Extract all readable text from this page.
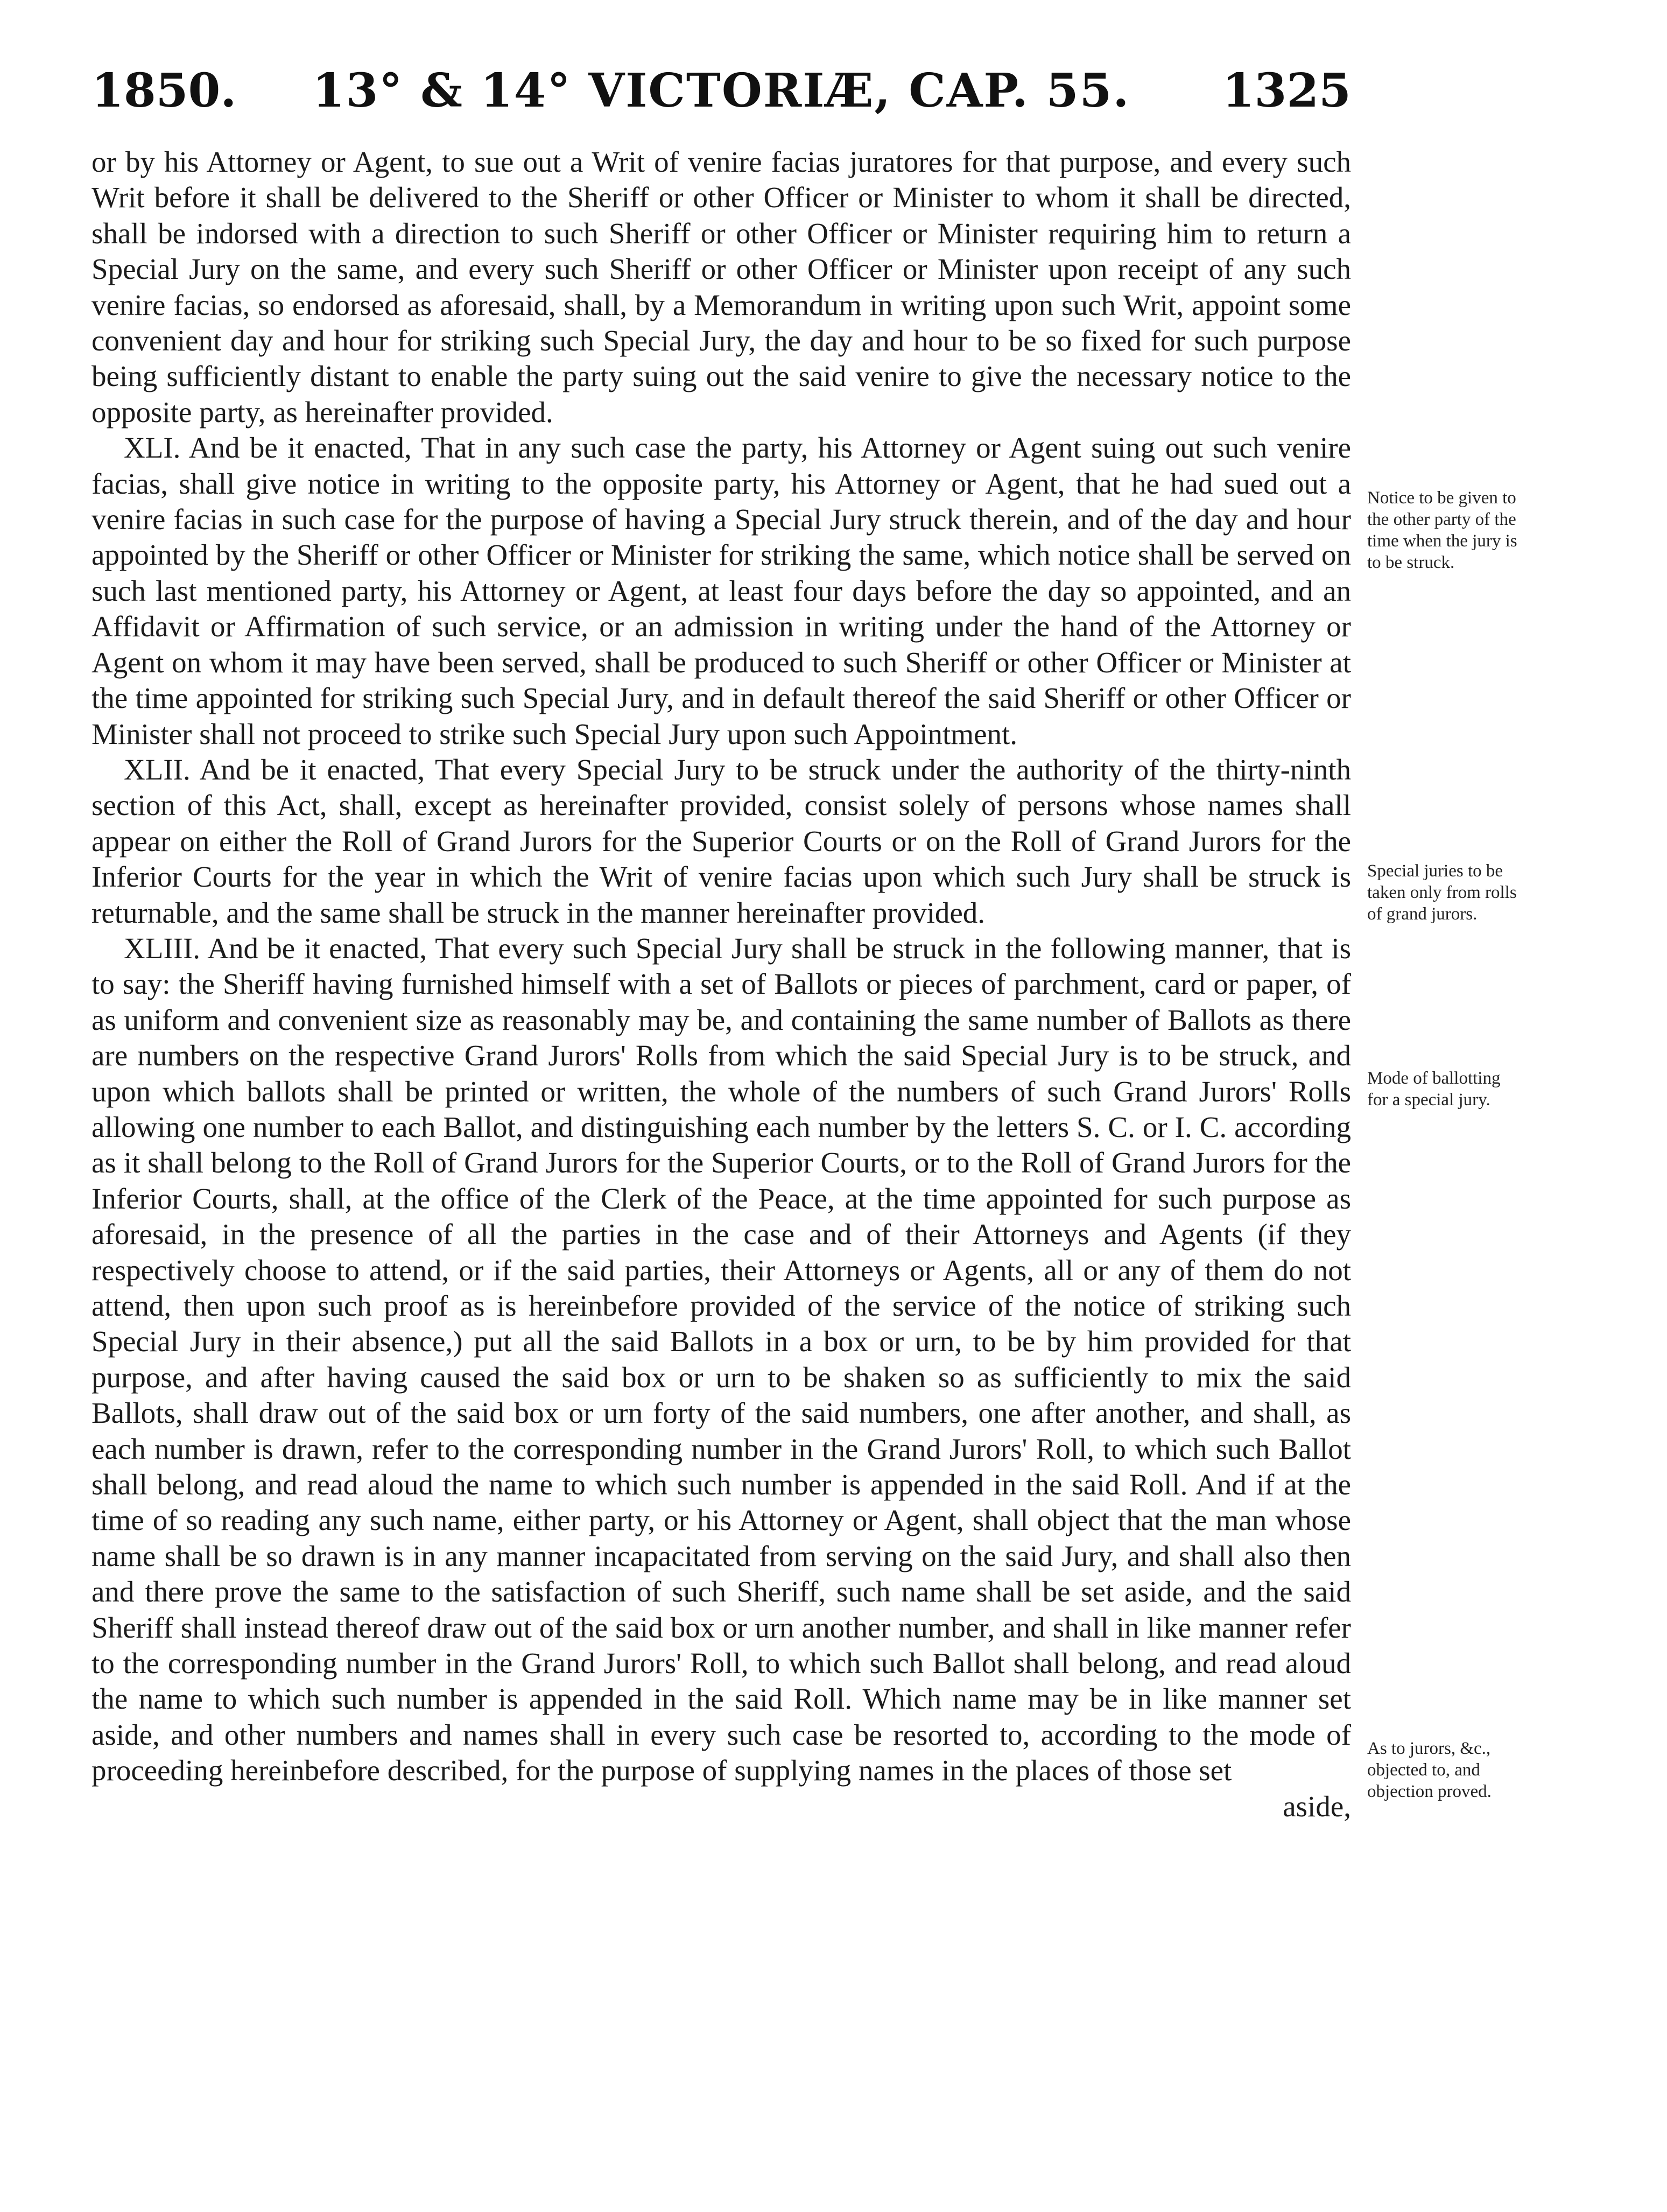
1850.	13° & 14° VICTORIÆ, CAP. 55.	1325

or by his Attorney or Agent, to sue out a Writ of venire facias juratores for that purpose, and every such Writ before it shall be delivered to the Sheriff or other Officer or Minister to whom it shall be directed, shall be indorsed with a direction to such Sheriff or other Officer or Minister requiring him to return a Special Jury on the same, and every such Sheriff or other Officer or Minister upon receipt of any such venire facias, so endorsed as aforesaid, shall, by a Memorandum in writing upon such Writ, appoint some convenient day and hour for striking such Special Jury, the day and hour to be so fixed for such purpose being sufficiently distant to enable the party suing out the said venire to give the necessary notice to the opposite party, as hereinafter provided.

XLI. And be it enacted, That in any such case the party, his Attorney or Agent suing out such venire facias, shall give notice in writing to the opposite party, his Attorney or Agent, that he had sued out a venire facias in such case for the purpose of having a Special Jury struck therein, and of the day and hour appointed by the Sheriff or other Officer or Minister for striking the same, which notice shall be served on such last mentioned party, his Attorney or Agent, at least four days before the day so appointed, and an Affidavit or Affirmation of such service, or an admission in writing under the hand of the Attorney or Agent on whom it may have been served, shall be produced to such Sheriff or other Officer or Minister at the time appointed for striking such Special Jury, and in default thereof the said Sheriff or other Officer or Minister shall not proceed to strike such Special Jury upon such Appointment.

XLII. And be it enacted, That every Special Jury to be struck under the authority of the thirty-ninth section of this Act, shall, except as hereinafter provided, consist solely of persons whose names shall appear on either the Roll of Grand Jurors for the Superior Courts or on the Roll of Grand Jurors for the Inferior Courts for the year in which the Writ of venire facias upon which such Jury shall be struck is returnable, and the same shall be struck in the manner hereinafter provided.

XLIII. And be it enacted, That every such Special Jury shall be struck in the following manner, that is to say: the Sheriff having furnished himself with a set of Ballots or pieces of parchment, card or paper, of as uniform and convenient size as reasonably may be, and containing the same number of Ballots as there are numbers on the respective Grand Jurors' Rolls from which the said Special Jury is to be struck, and upon which ballots shall be printed or written, the whole of the numbers of such Grand Jurors' Rolls allowing one number to each Ballot, and distinguishing each number by the letters S. C. or I. C. according as it shall belong to the Roll of Grand Jurors for the Superior Courts, or to the Roll of Grand Jurors for the Inferior Courts, shall, at the office of the Clerk of the Peace, at the time appointed for such purpose as aforesaid, in the presence of all the parties in the case and of their Attorneys and Agents (if they respectively choose to attend, or if the said parties, their Attorneys or Agents, all or any of them do not attend, then upon such proof as is hereinbefore provided of the service of the notice of striking such Special Jury in their absence,) put all the said Ballots in a box or urn, to be by him provided for that purpose, and after having caused the said box or urn to be shaken so as sufficiently to mix the said Ballots, shall draw out of the said box or urn forty of the said numbers, one after another, and shall, as each number is drawn, refer to the corresponding number in the Grand Jurors' Roll, to which such Ballot shall belong, and read aloud the name to which such number is appended in the said Roll. And if at the time of so reading any such name, either party, or his Attorney or Agent, shall object that the man whose name shall be so drawn is in any manner incapacitated from serving on the said Jury, and shall also then and there prove the same to the satisfaction of such Sheriff, such name shall be set aside, and the said Sheriff shall instead thereof draw out of the said box or urn another number, and shall in like manner refer to the corresponding number in the Grand Jurors' Roll, to which such Ballot shall belong, and read aloud the name to which such number is appended in the said Roll. Which name may be in like manner set aside, and other numbers and names shall in every such case be resorted to, according to the mode of proceeding hereinbefore described, for the purpose of supplying names in the places of those set

aside,

Notice to be given to
the other party of the
time when the jury is
to be struck.
Special juries to be
taken only from rolls
of grand jurors.
Mode of ballotting
for a special jury.
As to jurors, &c.,
objected to, and
objection proved.
